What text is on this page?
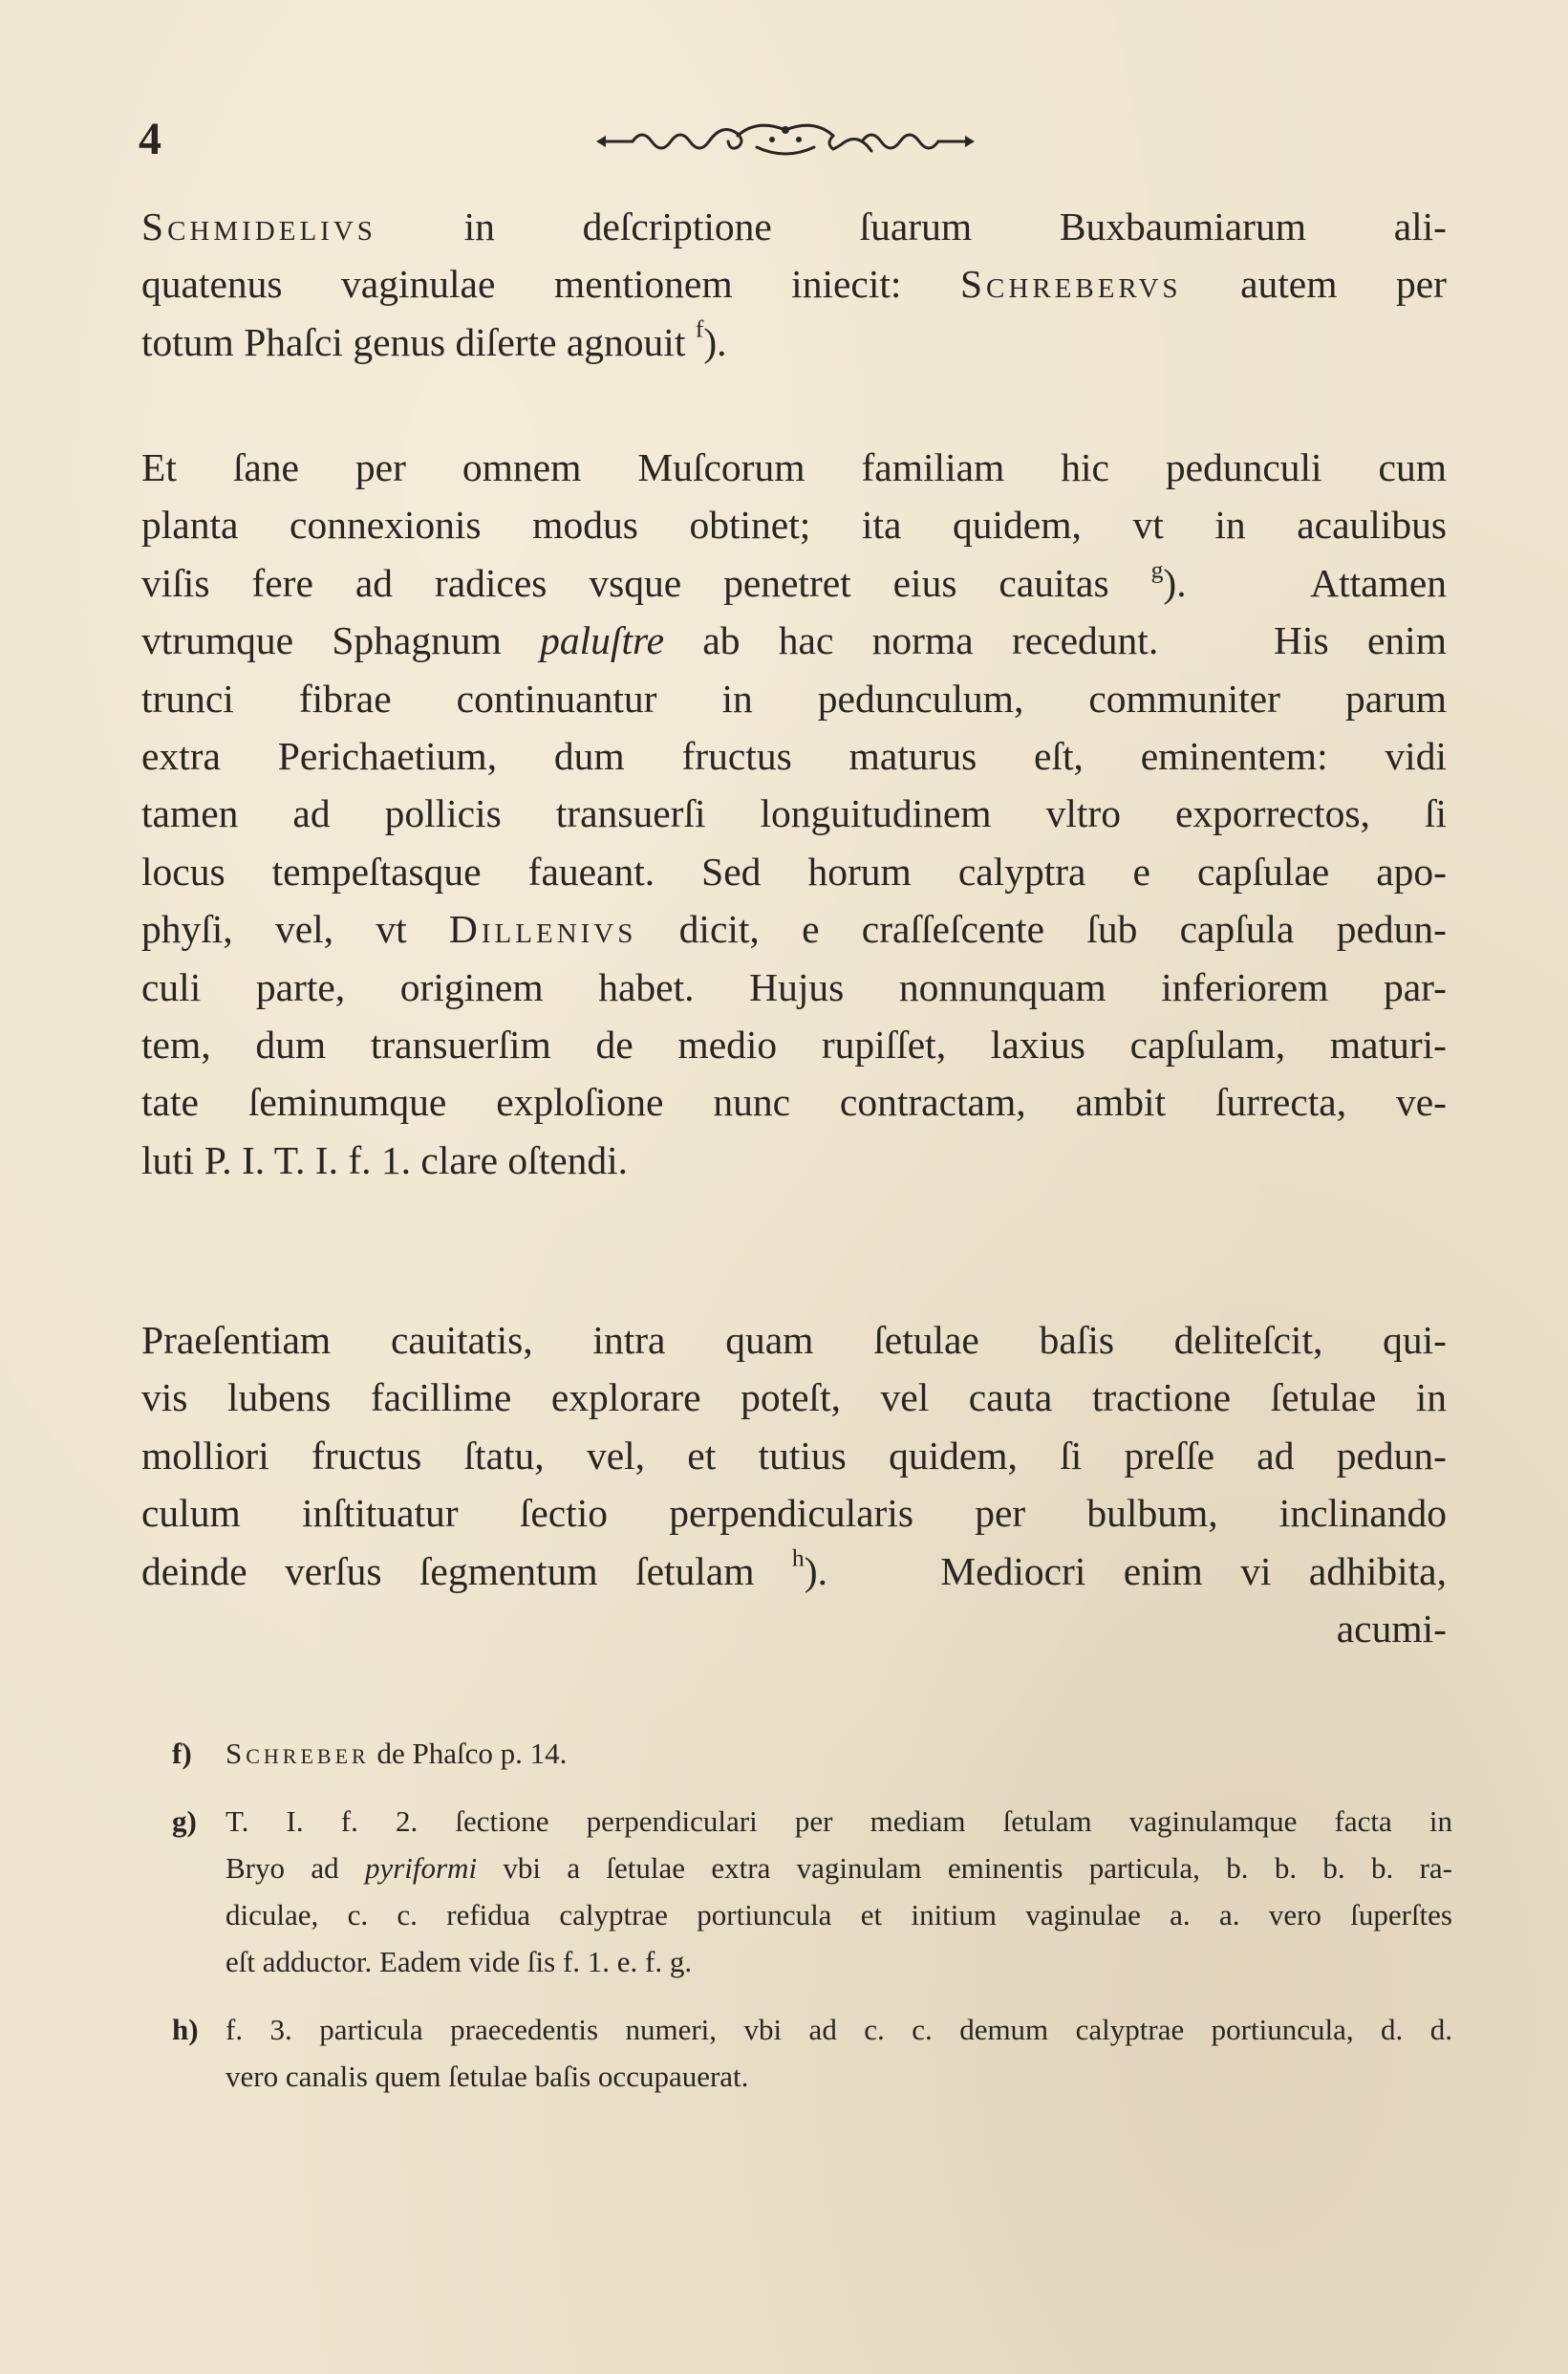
4
Schmidelivs in deſcriptione ſuarum Buxbaumiarum ali-
quatenus vaginulae mentionem iniecit: Schrebervs autem per
totum Phaſci genus diſerte agnouit $^f$).
Et ſane per omnem Muſcorum familiam hic pedunculi cum
planta connexionis modus obtinet; ita quidem, vt in acaulibus
viſis fere ad radices vsque penetret eius cauitas $^g$).   Attamen
vtrumque Sphagnum paluſtre ab hac norma recedunt.   His enim
trunci fibrae continuantur in pedunculum, communiter parum
extra Perichaetium, dum fructus maturus eſt, eminentem: vidi
tamen ad pollicis transuerſi longuitudinem vltro exporrectos, ſi
locus tempeſtasque faueant. Sed horum calyptra e capſulae apo-
phyſi, vel, vt Dillenivs dicit, e craſſeſcente ſub capſula pedun-
culi parte, originem habet. Hujus nonnunquam inferiorem par-
tem, dum transuerſim de medio rupiſſet, laxius capſulam, maturi-
tate ſeminumque exploſione nunc contractam, ambit ſurrecta, ve-
luti P. I. T. I. f. 1. clare oſtendi.
Praeſentiam cauitatis, intra quam ſetulae baſis deliteſcit, qui-
vis lubens facillime explorare poteſt, vel cauta tractione ſetulae in
molliori fructus ſtatu, vel, et tutius quidem, ſi preſſe ad pedun-
culum inſtituatur ſectio perpendicularis per bulbum, inclinando
deinde verſus ſegmentum ſetulam $^h$).   Mediocri enim vi adhibita,
acumi-
f) Schreber de Phaſco p. 14.
g) T. I. f. 2. ſectione perpendiculari per mediam ſetulam vaginulamque facta in
Bryo ad pyriformi vbi a ſetulae extra vaginulam eminentis particula, b. b. b. b. ra-
diculae, c. c. refidua calyptrae portiuncula et initium vaginulae a. a. vero ſuperſtes
eſt adductor. Eadem vide ſis f. 1. e. f. g.
h) f. 3. particula praecedentis numeri, vbi ad c. c. demum calyptrae portiuncula, d. d.
vero canalis quem ſetulae baſis occupauerat.
